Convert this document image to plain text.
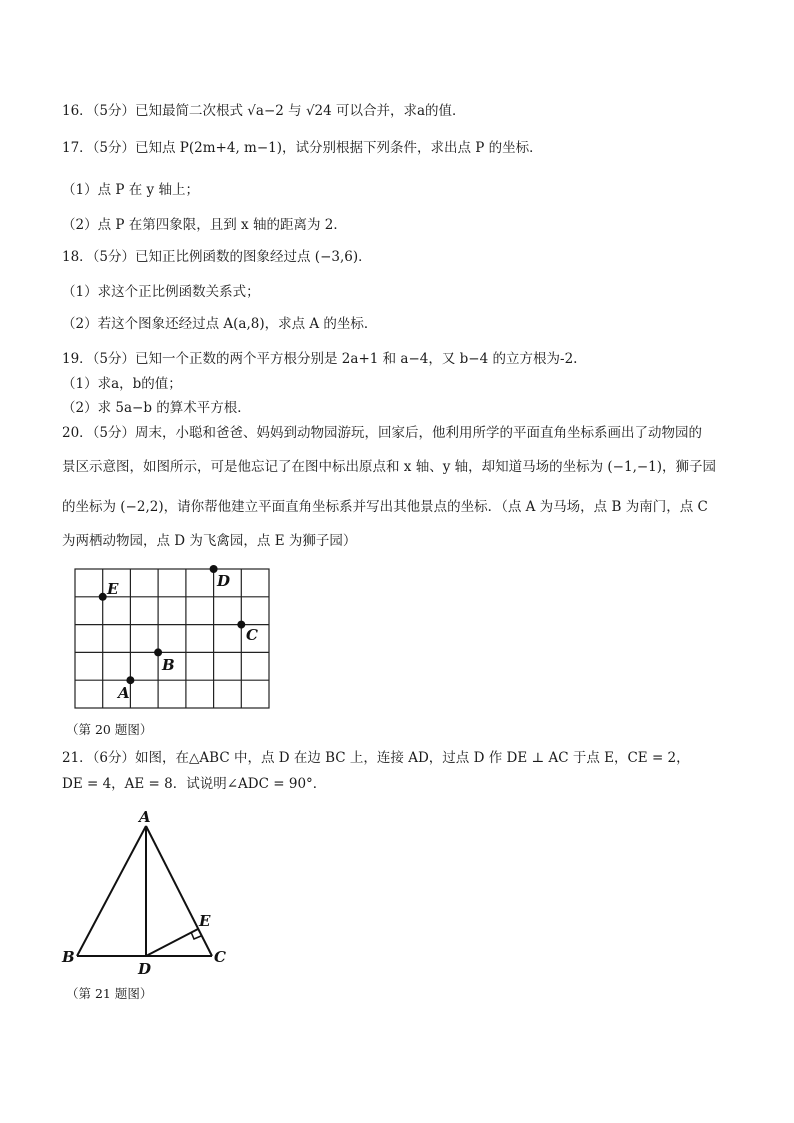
16．（5分）已知最简二次根式 √a−2 与 √24 可以合并，求a的值．
17．（5分）已知点 P(2m+4, m−1)，试分别根据下列条件，求出点 P 的坐标．
（1）点 P 在 y 轴上；
（2）点 P 在第四象限，且到 x 轴的距离为 2．
18．（5分）已知正比例函数的图象经过点 (−3,6)．
（1）求这个正比例函数关系式；
（2）若这个图象还经过点 A(a,8)，求点 A 的坐标．
19．（5分）已知一个正数的两个平方根分别是 2a+1 和 a−4，又 b−4 的立方根为-2.
（1）求a，b的值；
（2）求 5a−b 的算术平方根．
20．（5分）周末，小聪和爸爸、妈妈到动物园游玩，回家后，他利用所学的平面直角坐标系画出了动物园的
景区示意图，如图所示，可是他忘记了在图中标出原点和 x 轴、y 轴，却知道马场的坐标为 (−1,−1)，狮子园
的坐标为 (−2,2)，请你帮他建立平面直角坐标系并写出其他景点的坐标．（点 A 为马场，点 B 为南门，点 C
为两栖动物园，点 D 为飞禽园，点 E 为狮子园）
D
E
C
B
A
（第 20 题图）
21．（6分）如图，在△ABC 中，点 D 在边 BC 上，连接 AD，过点 D 作 DE ⊥ AC 于点 E，CE = 2，
DE = 4，AE = 8．试说明∠ADC = 90°．
A
B
D
C
E
（第 21 题图）
